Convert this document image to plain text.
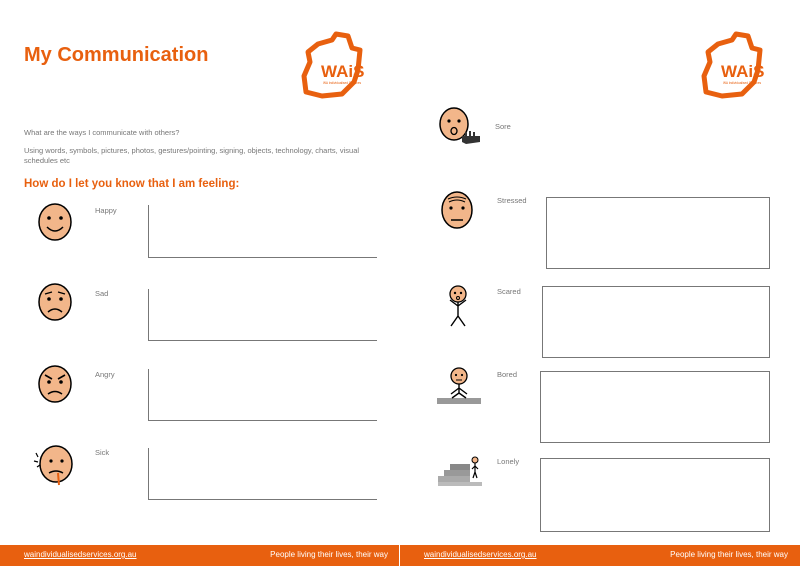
My Communication
WAiS
WA Individualised Services
What are the ways I communicate with others?
Using words, symbols, pictures, photos, gestures/pointing, signing, objects, technology, charts, visual schedules etc
How do I let you know that I am feeling:
Happy
Sad
Angry
Sick
WAiS
WA Individualised Services
Sore
Stressed
Scared
Bored
Lonely
waindividualisedservices.org.au	People living their lives, their way	waindividualisedservices.org.au	People living their lives, their way
